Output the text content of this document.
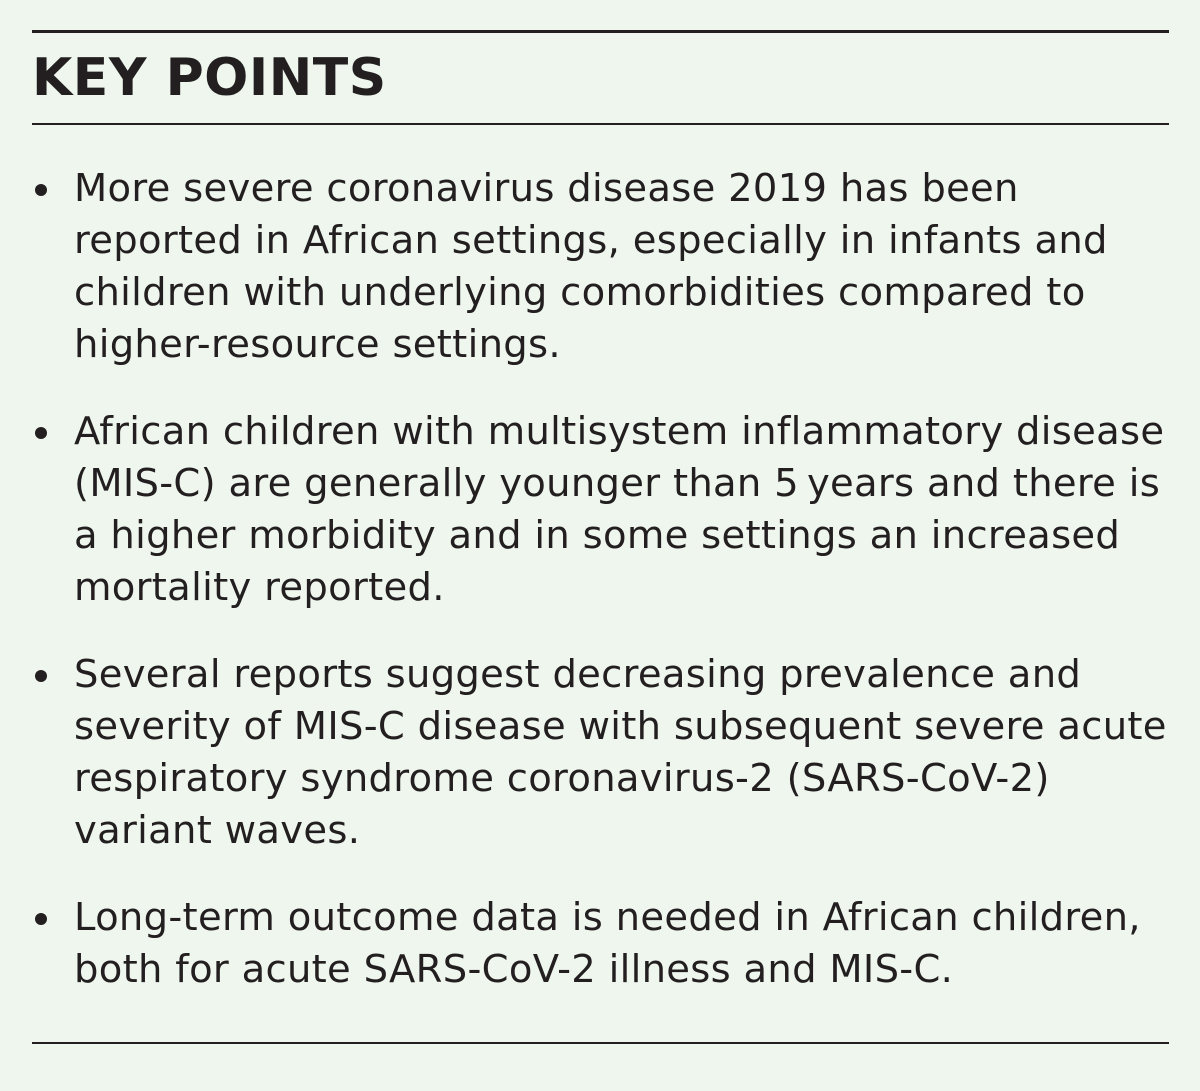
KEY POINTS
More severe coronavirus disease 2019 has been reported in African settings, especially in infants and children with underlying comorbidities compared to higher-resource settings.
African children with multisystem inflammatory disease (MIS-C) are generally younger than 5 years and there is a higher morbidity and in some settings an increased mortality reported.
Several reports suggest decreasing prevalence and severity of MIS-C disease with subsequent severe acute respiratory syndrome coronavirus-2 (SARS-CoV-2) variant waves.
Long-term outcome data is needed in African children, both for acute SARS-CoV-2 illness and MIS-C.
